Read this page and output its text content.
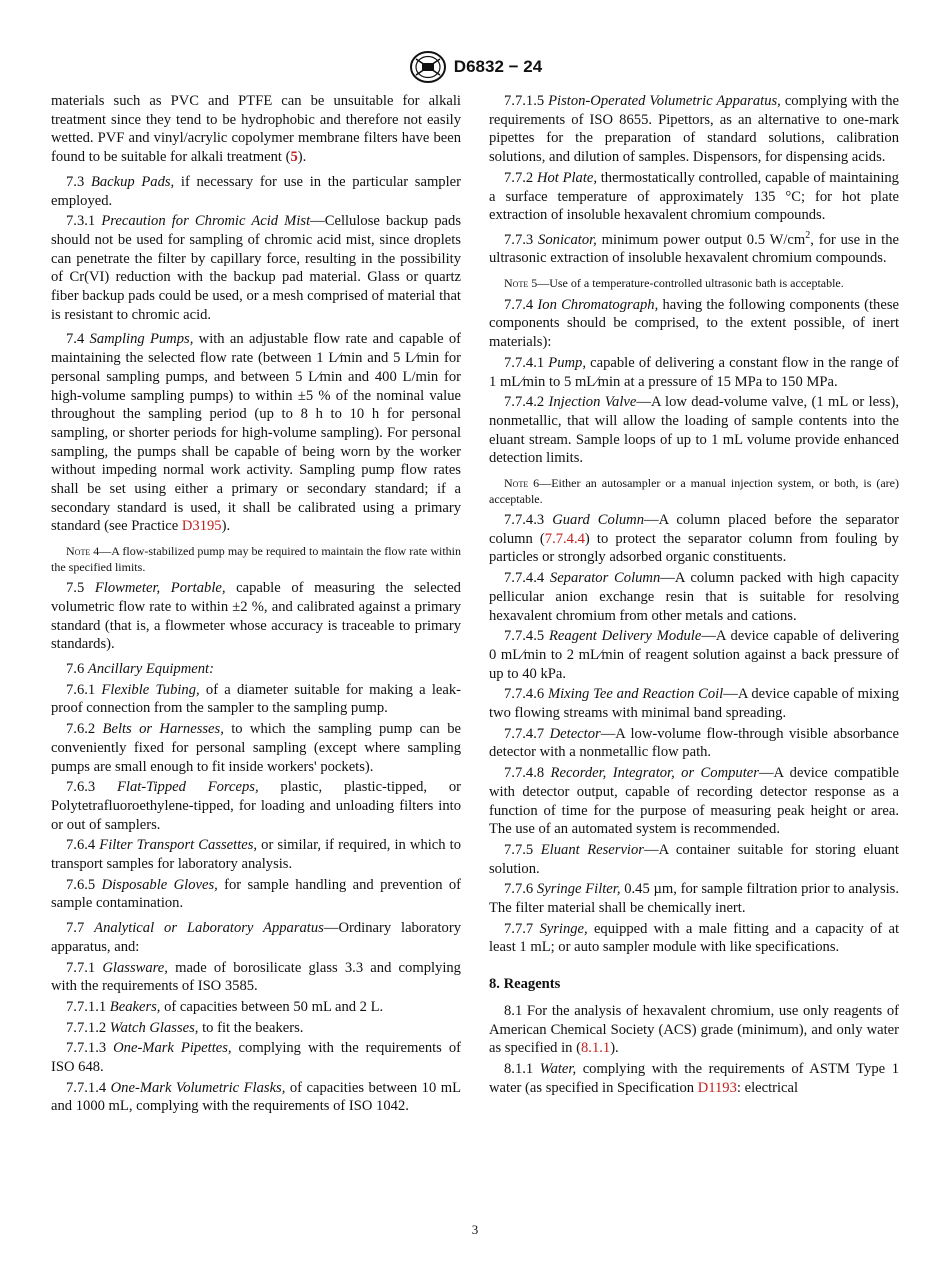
D6832 − 24

materials such as PVC and PTFE can be unsuitable for alkali treatment since they tend to be hydrophobic and therefore not easily wetted. PVF and vinyl/acrylic copolymer membrane filters have been found to be suitable for alkali treatment (5).

7.3 Backup Pads, if necessary for use in the particular sampler employed.

7.3.1 Precaution for Chromic Acid Mist—Cellulose backup pads should not be used for sampling of chromic acid mist, since droplets can penetrate the filter by capillary force, resulting in the possibility of Cr(VI) reduction with the backup pad material. Glass or quartz fiber backup pads could be used, or a mesh comprised of material that is resistant to chromic acid.

7.4 Sampling Pumps, with an adjustable flow rate and capable of maintaining the selected flow rate (between 1 L⁄min and 5 L⁄min for personal sampling pumps, and between 5 L⁄min and 400 L/min for high-volume sampling pumps) to within ±5 % of the nominal value throughout the sampling period (up to 8 h to 10 h for personal sampling, or shorter periods for high-volume sampling). For personal sampling, the pumps shall be capable of being worn by the worker without impeding normal work activity. Sampling pump flow rates shall be set using either a primary or secondary standard; if a secondary standard is used, it shall be calibrated using a primary standard (see Practice D3195).

Note 4—A flow-stabilized pump may be required to maintain the flow rate within the specified limits.

7.5 Flowmeter, Portable, capable of measuring the selected volumetric flow rate to within ±2 %, and calibrated against a primary standard (that is, a flowmeter whose accuracy is traceable to primary standards).

7.6 Ancillary Equipment:

7.6.1 Flexible Tubing, of a diameter suitable for making a leak-proof connection from the sampler to the sampling pump.

7.6.2 Belts or Harnesses, to which the sampling pump can be conveniently fixed for personal sampling (except where sampling pumps are small enough to fit inside workers' pockets).

7.6.3 Flat-Tipped Forceps, plastic, plastic-tipped, or Polytetrafluoroethylene-tipped, for loading and unloading filters into or out of samplers.

7.6.4 Filter Transport Cassettes, or similar, if required, in which to transport samples for laboratory analysis.

7.6.5 Disposable Gloves, for sample handling and prevention of sample contamination.

7.7 Analytical or Laboratory Apparatus—Ordinary laboratory apparatus, and:

7.7.1 Glassware, made of borosilicate glass 3.3 and complying with the requirements of ISO 3585.

7.7.1.1 Beakers, of capacities between 50 mL and 2 L.

7.7.1.2 Watch Glasses, to fit the beakers.

7.7.1.3 One-Mark Pipettes, complying with the requirements of ISO 648.

7.7.1.4 One-Mark Volumetric Flasks, of capacities between 10 mL and 1000 mL, complying with the requirements of ISO 1042.

7.7.1.5 Piston-Operated Volumetric Apparatus, complying with the requirements of ISO 8655. Pipettors, as an alternative to one-mark pipettes for the preparation of standard solutions, calibration solutions, and dilution of samples. Dispensors, for dispensing acids.

7.7.2 Hot Plate, thermostatically controlled, capable of maintaining a surface temperature of approximately 135 °C; for hot plate extraction of insoluble hexavalent chromium compounds.

7.7.3 Sonicator, minimum power output 0.5 $W/cm^2$, for use in the ultrasonic extraction of insoluble hexavalent chromium compounds.

Note 5—Use of a temperature-controlled ultrasonic bath is acceptable.

7.7.4 Ion Chromatograph, having the following components (these components should be comprised, to the extent possible, of inert materials):

7.7.4.1 Pump, capable of delivering a constant flow in the range of 1 mL⁄min to 5 mL⁄min at a pressure of 15 MPa to 150 MPa.

7.7.4.2 Injection Valve—A low dead-volume valve, (1 mL or less), nonmetallic, that will allow the loading of sample contents into the eluant stream. Sample loops of up to 1 mL volume provide enhanced detection limits.

Note 6—Either an autosampler or a manual injection system, or both, is (are) acceptable.

7.7.4.3 Guard Column—A column placed before the separator column (7.7.4.4) to protect the separator column from fouling by particles or strongly adsorbed organic constituents.

7.7.4.4 Separator Column—A column packed with high capacity pellicular anion exchange resin that is suitable for resolving hexavalent chromium from other metals and cations.

7.7.4.5 Reagent Delivery Module—A device capable of delivering 0 mL⁄min to 2 mL⁄min of reagent solution against a back pressure of up to 40 kPa.

7.7.4.6 Mixing Tee and Reaction Coil—A device capable of mixing two flowing streams with minimal band spreading.

7.7.4.7 Detector—A low-volume flow-through visible absorbance detector with a nonmetallic flow path.

7.7.4.8 Recorder, Integrator, or Computer—A device compatible with detector output, capable of recording detector response as a function of time for the purpose of measuring peak height or area. The use of an automated system is recommended.

7.7.5 Eluant Reservior—A container suitable for storing eluant solution.

7.7.6 Syringe Filter, 0.45 µm, for sample filtration prior to analysis. The filter material shall be chemically inert.

7.7.7 Syringe, equipped with a male fitting and a capacity of at least 1 mL; or auto sampler module with like specifications.

8. Reagents

8.1 For the analysis of hexavalent chromium, use only reagents of American Chemical Society (ACS) grade (minimum), and only water as specified in (8.1.1).

8.1.1 Water, complying with the requirements of ASTM Type 1 water (as specified in Specification D1193: electrical

3
